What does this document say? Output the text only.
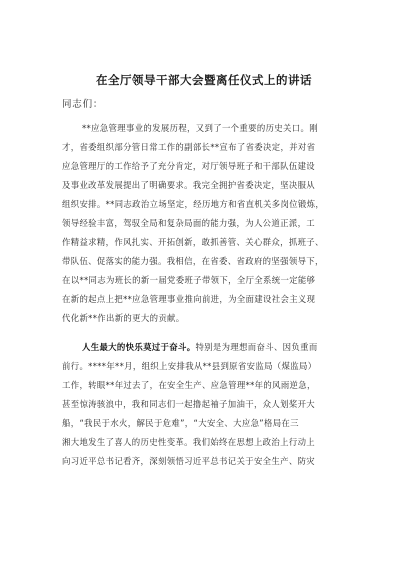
在全厅领导干部大会暨离任仪式上的讲话
同志们：
**应急管理事业的发展历程，又到了一个重要的历史关口。刚
才，省委组织部分管日常工作的副部长**宣布了省委决定，并对省
应急管理厅的工作给予了充分肯定，对厅领导班子和干部队伍建设
及事业改革发展提出了明确要求。我完全拥护省委决定，坚决服从
组织安排。**同志政治立场坚定，经历地方和省直机关多岗位锻炼，
领导经验丰富，驾驭全局和复杂局面的能力强，为人公道正派，工
作精益求精，作风扎实、开拓创新，敢抓善管、关心群众，抓班子、
带队伍、促落实的能力强。我相信，在省委、省政府的坚强领导下，
在以**同志为班长的新一届党委班子带领下，全厅全系统一定能够
在新的起点上把**应急管理事业推向前进，为全面建设社会主义现
代化新**作出新的更大的贡献。
人生最大的快乐莫过于奋斗。特别是为理想而奋斗、因负重而
前行。****年**月，组织上安排我从**县到原省安监局（煤监局）
工作，转眼**年过去了，在安全生产、应急管理**年的风雨逆急，
甚至惊涛骇浪中，我和同志们一起撸起袖子加油干，众人划桨开大
船，“我民于水火，解民于危难”，“大安全、大应急”格局在三
湘大地发生了喜人的历史性变革。我们始终在思想上政治上行动上
向习近平总书记看齐，深刻领悟习近平总书记关于安全生产、防灾
